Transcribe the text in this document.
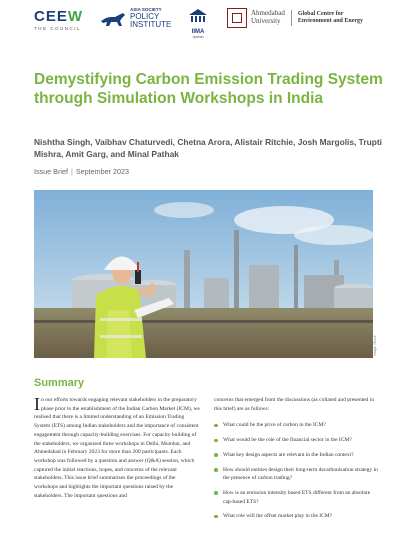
CEEW
THE COUNCIL
ASIA SOCIETY
POLICY
INSTITUTE
IIMA
अहमदाबाद
Ahmedabad
University
Global Centre for
Environment and Energy
Demystifying Carbon Emission Trading System through Simulation Workshops in India
Nishtha Singh, Vaibhav Chaturvedi, Chetna Arora, Alistair Ritchie, Josh Margolis, Trupti Mishra, Amit Garg, and Minal Pathak
Issue Brief | September 2023
Image: iStock
Summary
In our efforts towards engaging relevant stakeholders in the preparatory phase prior to the establishment of the Indian Carbon Market (ICM), we realised that there is a limited understanding of an Emission Trading System (ETS) among Indian stakeholders and the importance of consistent engagement through capacity-building exercises. For capacity building of the stakeholders, we organised three workshops in Delhi, Mumbai, and Ahmedabad in February 2023 for more than 200 participants. Each workshop was followed by a question and answer (Q&A) session, which captured the initial reactions, hopes, and concerns of the relevant stakeholders. This issue brief summarises the proceedings of the workshops and highlights the important questions raised by the stakeholders. The important questions and

concerns that emerged from the discussions (as collated and presented in this brief) are as follows:

What could be the price of carbon in the ICM?
What would be the role of the financial sector in the ICM?
What key design aspects are relevant in the Indian context?
How should entities design their long-term decarbonisation strategy in the presence of carbon trading?
How is an emission intensity based ETS different from an absolute cap-based ETS?
What role will the offset market play in the ICM?
